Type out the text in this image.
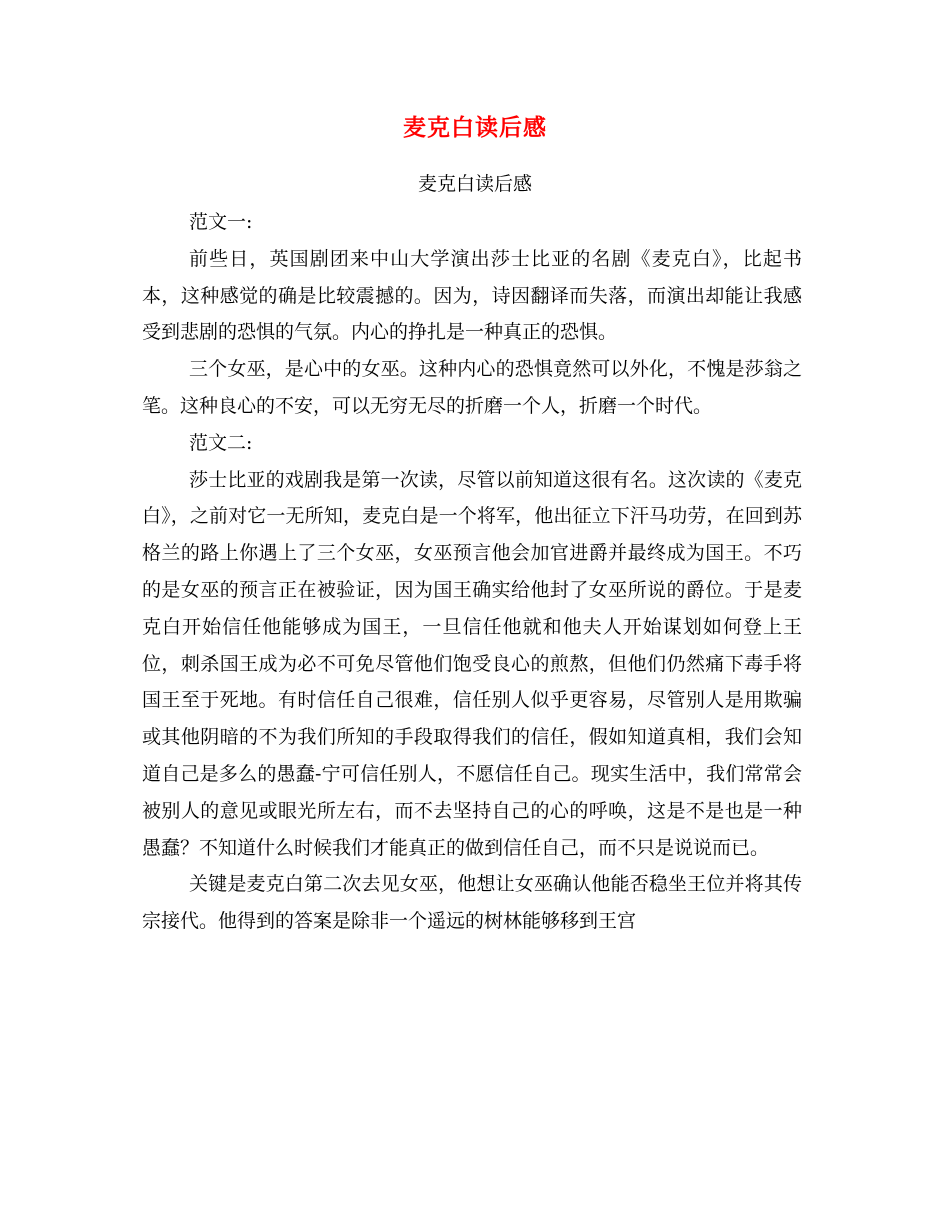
麦克白读后感
麦克白读后感

范文一:

前些日，英国剧团来中山大学演出莎士比亚的名剧《麦克白》，比起书本，这种感觉的确是比较震撼的。因为，诗因翻译而失落，而演出却能让我感受到悲剧的恐惧的气氛。内心的挣扎是一种真正的恐惧。

三个女巫，是心中的女巫。这种内心的恐惧竟然可以外化，不愧是莎翁之笔。这种良心的不安，可以无穷无尽的折磨一个人，折磨一个时代。

范文二:

莎士比亚的戏剧我是第一次读，尽管以前知道这很有名。这次读的《麦克白》，之前对它一无所知，麦克白是一个将军，他出征立下汗马功劳，在回到苏格兰的路上你遇上了三个女巫，女巫预言他会加官进爵并最终成为国王。不巧的是女巫的预言正在被验证，因为国王确实给他封了女巫所说的爵位。于是麦克白开始信任他能够成为国王，一旦信任他就和他夫人开始谋划如何登上王位，刺杀国王成为必不可免尽管他们饱受良心的煎熬，但他们仍然痛下毒手将国王至于死地。有时信任自己很难，信任别人似乎更容易，尽管别人是用欺骗或其他阴暗的不为我们所知的手段取得我们的信任，假如知道真相，我们会知道自己是多么的愚蠢-宁可信任别人，不愿信任自己。现实生活中，我们常常会被别人的意见或眼光所左右，而不去坚持自己的心的呼唤，这是不是也是一种愚蠢？不知道什么时候我们才能真正的做到信任自己，而不只是说说而已。

关键是麦克白第二次去见女巫，他想让女巫确认他能否稳坐王位并将其传宗接代。他得到的答案是除非一个遥远的树林能够移到王宫
